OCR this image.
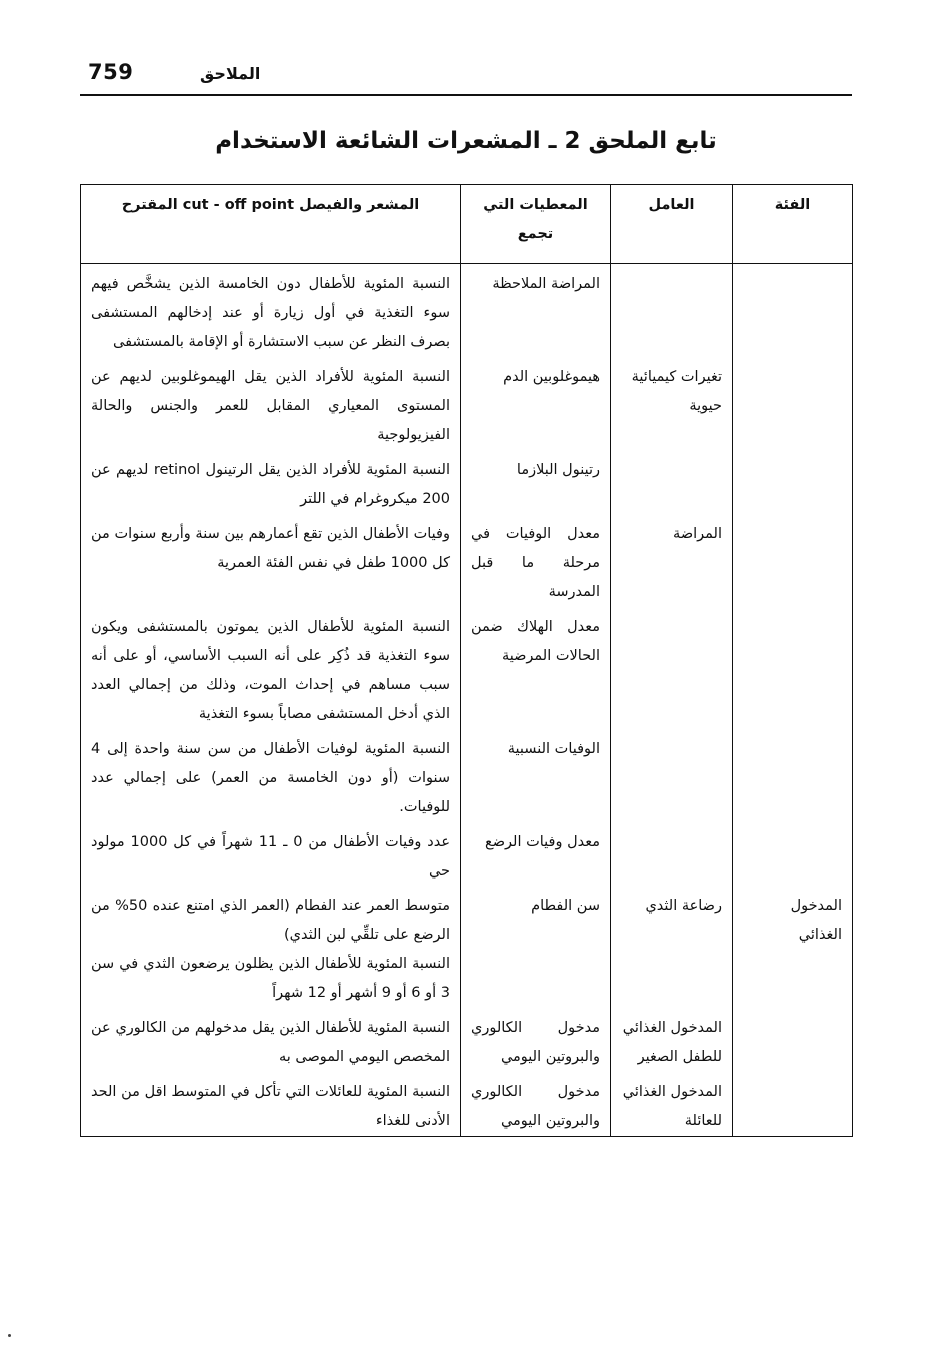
759	الملاحق
تابع الملحق 2 ـ المشعرات الشائعة الاستخدام
الفئة	العامل	المعطيات التي تجمع	المشعر والفيصل cut - off point المقترح
		المراضة الملاحظة	النسبة المئوية للأطفال دون الخامسة الذين يشخَّص فيهم سوء التغذية في أول زيارة أو عند إدخالهم المستشفى بصرف النظر عن سبب الاستشارة أو الإقامة بالمستشفى
	تغيرات كيميائية حيوية	هيموغلوبين الدم	النسبة المئوية للأفراد الذين يقل الهيموغلوبين لديهم عن المستوى المعياري المقابل للعمر والجنس والحالة الفيزيولوجية
		رتينول البلازما	النسبة المئوية للأفراد الذين يقل الرتينول retinol لديهم عن 200 ميكروغرام في اللتر
	المراضة	معدل الوفيات في مرحلة ما قبل المدرسة	وفيات الأطفال الذين تقع أعمارهم بين سنة وأربع سنوات من كل 1000 طفل في نفس الفئة العمرية
		معدل الهلاك ضمن الحالات المرضية	النسبة المئوية للأطفال الذين يموتون بالمستشفى ويكون سوء التغذية قد ذُكِر على أنه السبب الأساسي، أو على أنه سبب مساهم في إحداث الموت، وذلك من إجمالي العدد الذي أدخل المستشفى مصاباً بسوء التغذية
		الوفيات النسبية	النسبة المئوية لوفيات الأطفال من سن سنة واحدة إلى 4 سنوات (أو دون الخامسة من العمر) على إجمالي عدد للوفيات.
		معدل وفيات الرضع	عدد وفيات الأطفال من 0 ـ 11 شهراً في كل 1000 مولود حي
المدخول الغذائي	رضاعة الثدي	سن الفطام	متوسط العمر عند الفطام (العمر الذي امتنع عنده 50% من الرضع على تلقِّي لبن الثدي)
النسبة المئوية للأطفال الذين يظلون يرضعون الثدي في سن 3 أو 6 أو 9 أشهر أو 12 شهراً

	المدخول الغذائي للطفل الصغير	مدخول الكالوري والبروتين اليومي	النسبة المئوية للأطفال الذين يقل مدخولهم من الكالوري عن المخصص اليومي الموصى به
	المدخول الغذائي للعائلة	مدخول الكالوري والبروتين اليومي	النسبة المئوية للعائلات التي تأكل في المتوسط اقل من الحد الأدنى للغذاء
